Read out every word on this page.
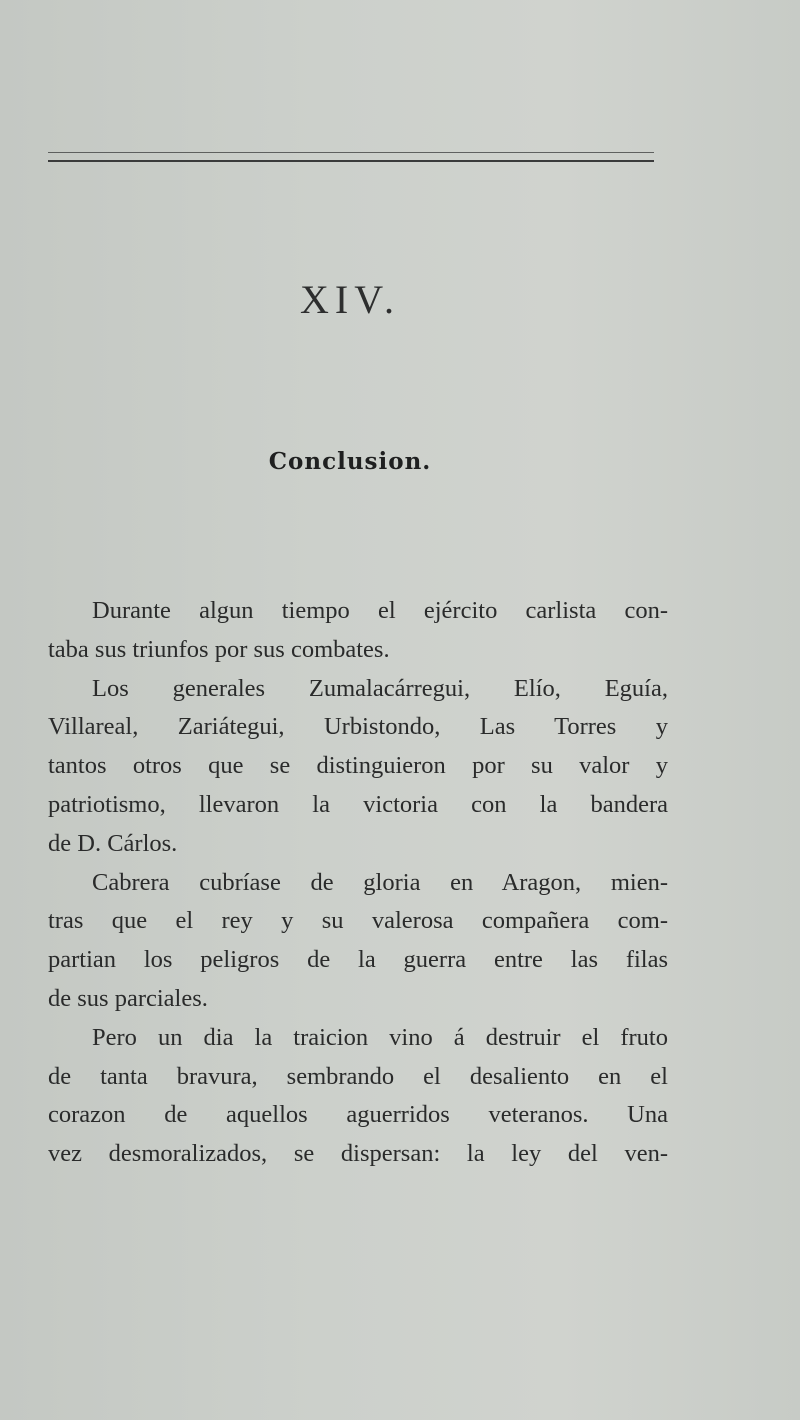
XIV.
Conclusion.
Durante algun tiempo el ejército carlista con-
taba sus triunfos por sus combates.
Los generales Zumalacárregui, Elío, Eguía,
Villareal, Zariátegui, Urbistondo, Las Torres y
tantos otros que se distinguieron por su valor y
patriotismo, llevaron la victoria con la bandera
de D. Cárlos.
Cabrera cubríase de gloria en Aragon, mien-
tras que el rey y su valerosa compañera com-
partian los peligros de la guerra entre las filas
de sus parciales.
Pero un dia la traicion vino á destruir el fruto
de tanta bravura, sembrando el desaliento en el
corazon de aquellos aguerridos veteranos. Una
vez desmoralizados, se dispersan: la ley del ven-
